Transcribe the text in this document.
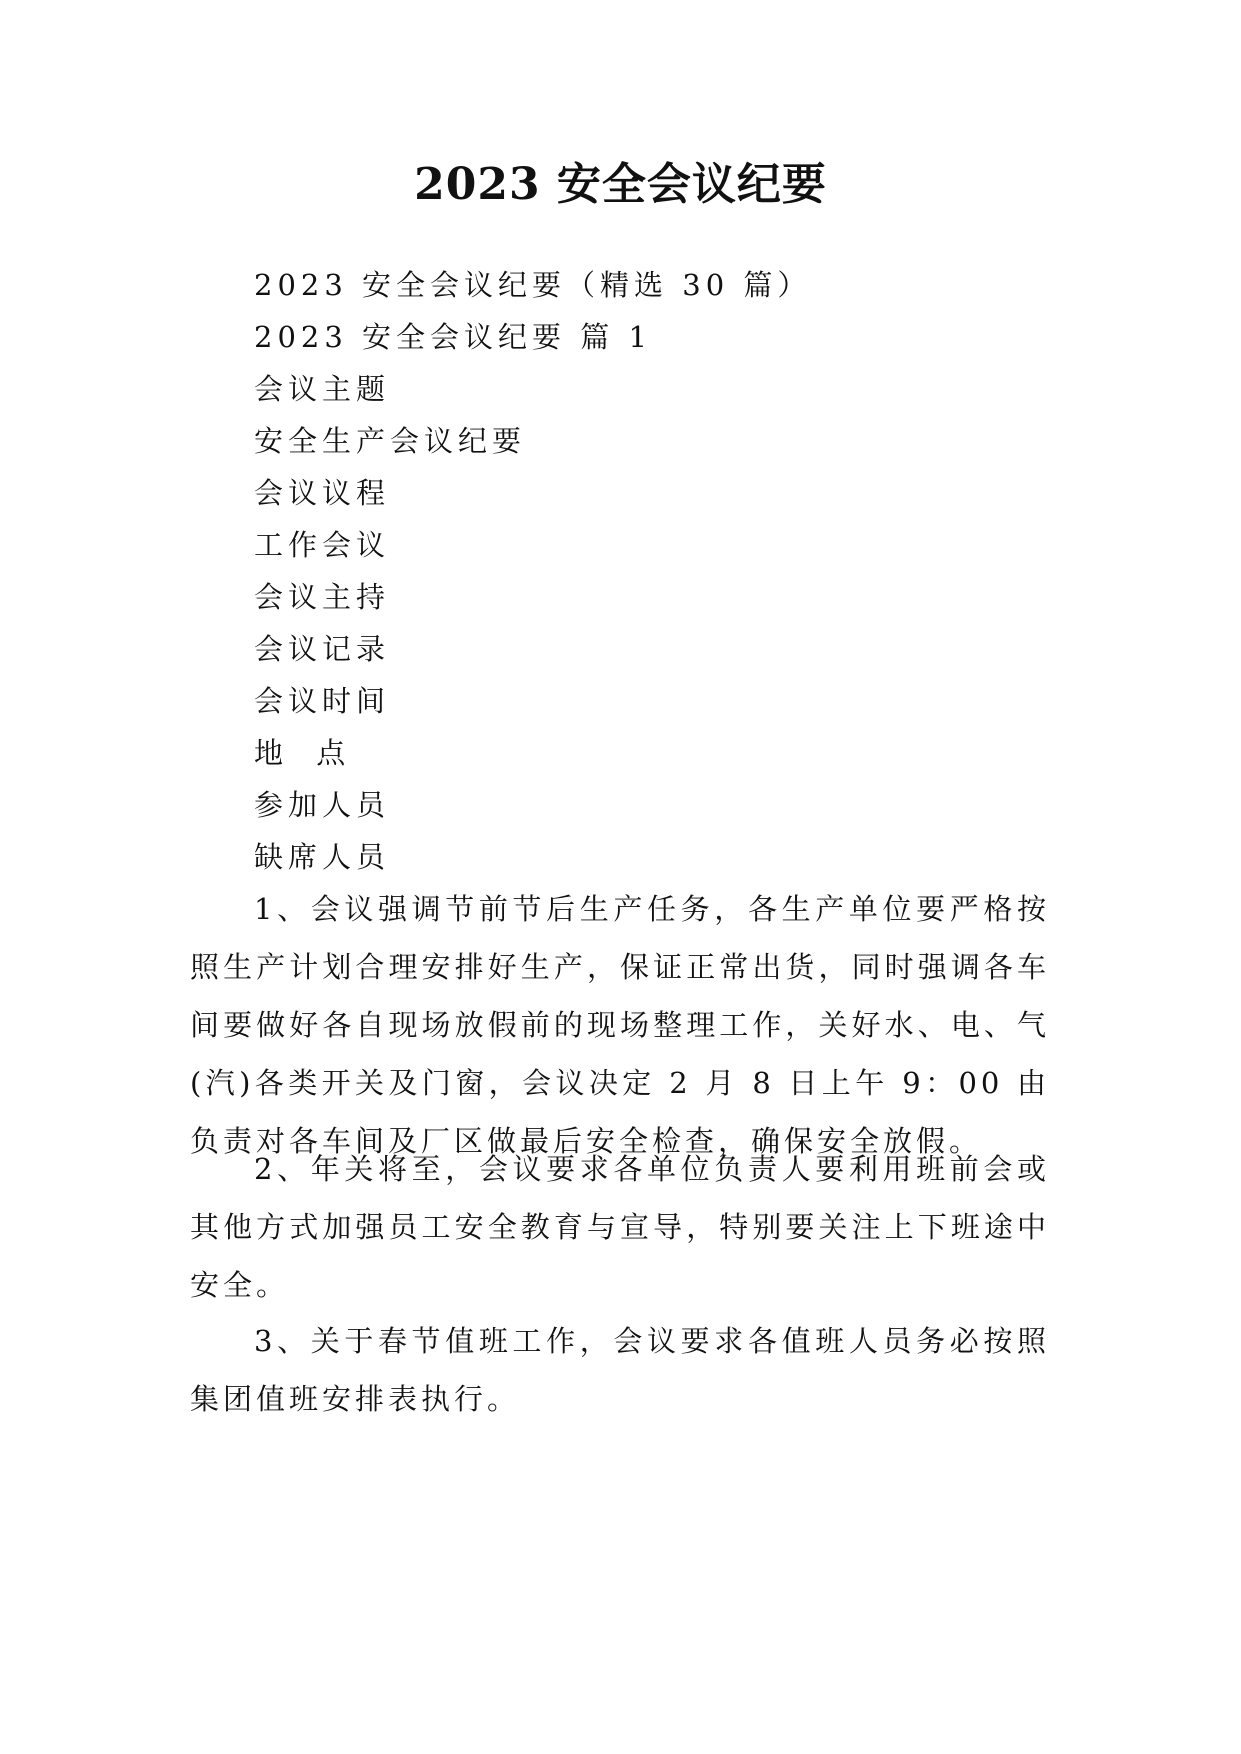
2023 安全会议纪要

2023 安全会议纪要（精选 30 篇）

2023 安全会议纪要 篇 1

会议主题

安全生产会议纪要

会议议程

工作会议

会议主持

会议记录

会议时间

地 点

参加人员

缺席人员

1、会议强调节前节后生产任务，各生产单位要严格按照生产计划合理安排好生产，保证正常出货，同时强调各车间要做好各自现场放假前的现场整理工作，关好水、电、气(汽)各类开关及门窗，会议决定 2 月 8 日上午 9：00 由负责对各车间及厂区做最后安全检查，确保安全放假。

2、年关将至，会议要求各单位负责人要利用班前会或其他方式加强员工安全教育与宣导，特别要关注上下班途中安全。

3、关于春节值班工作，会议要求各值班人员务必按照集团值班安排表执行。
